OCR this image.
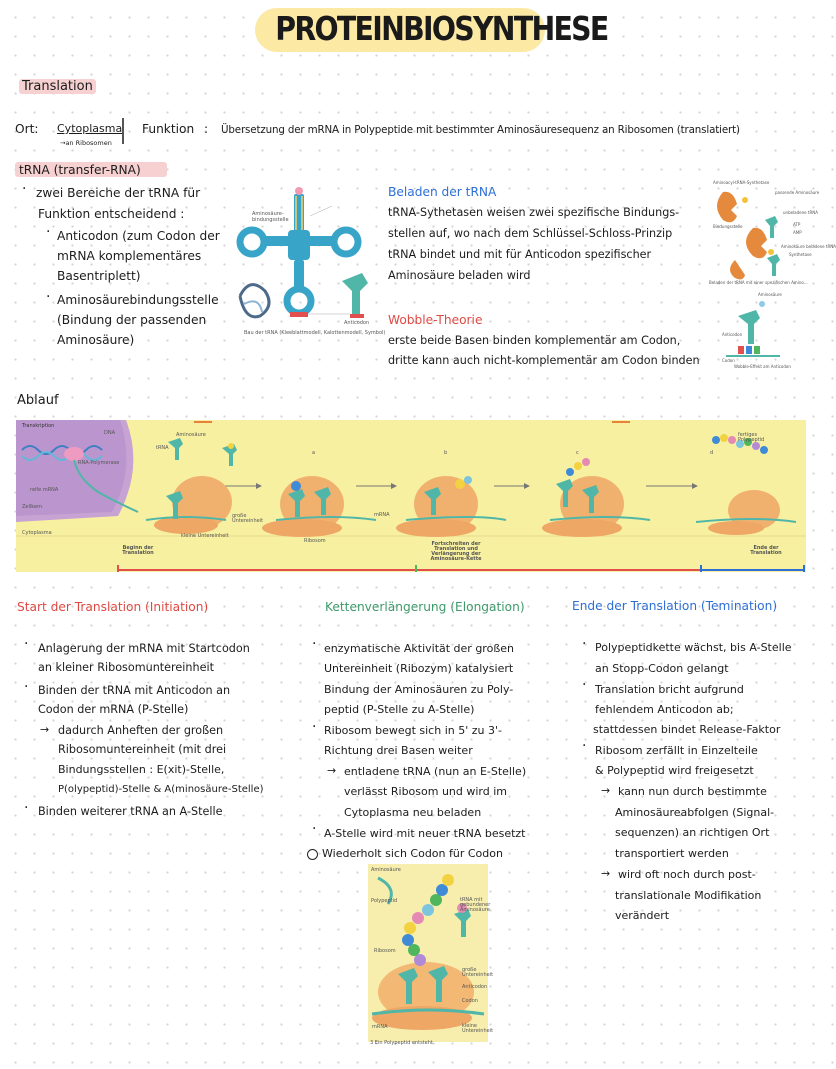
PROTEINBIOSYNTHESE
Translation
Ort: Cytoplasma
→an Ribosomen
Funktion : Übersetzung der mRNA in Polypeptide mit bestimmter Aminosäuresequenz an Ribosomen (translatiert)
tRNA (transfer-RNA)
· zwei Bereiche der tRNA für
Funktion entscheidend :
· Anticodon (zum Codon der
mRNA komplementäres
Basentriplett)
· Aminosäurebindungsstelle
(Bindung der passenden
Aminosäure)
Aminosäure-bindungsstelle
Anticodon
Bau der tRNA (Kleeblattmodell, Kalottenmodell, Symbol)
Beladen der tRNA
tRNA-Sythetasen weisen zwei spezifische Bindungs-
stellen auf, wo nach dem Schlüssel-Schloss-Prinzip
tRNA bindet und mit für Anticodon spezifischer
Aminosäure beladen wird
Aminoacyl-tRNA-Synthetase
passende Aminosäure
unbeladene tRNA
Bindungsstelle	ATP
AMP
Aminosäure beladene tRNA
Synthetase
Beladen der tRNA mit einer spezifischen Amino...
Wobble-Theorie
erste beide Basen binden komplementär am Codon,
dritte kann auch nicht-komplementär am Codon binden
Aminosäure
Anticodon
Codon
Wobble-Effekt am Anticodon
Ablauf
Transkription
DNA
RNA-Polymerase
reife mRNA
Zellkern
Cytoplasma
Aminosäure
tRNA
große Untereinheit
kleine Untereinheit
Ribosom
mRNA
fertiges Polypeptid
a	b	c	d
Beginn der Translation
Fortschreiten der Translation und Verlängerung der Aminosäure-Kette
Ende der Translation
Start der Translation (Initiation)
· Anlagerung der mRNA mit Startcodon
an kleiner Ribosomuntereinheit
· Binden der tRNA mit Anticodon an
Codon der mRNA (P-Stelle)
→ dadurch Anheften der großen
Ribosomuntereinheit (mit drei
Bindungsstellen : E(xit)-Stelle,
P(olypeptid)-Stelle & A(minosäure-Stelle)
· Binden weiterer tRNA an A-Stelle
Kettenverlängerung (Elongation)
· enzymatische Aktivität der großen
Untereinheit (Ribozym) katalysiert
Bindung der Aminosäuren zu Poly-
peptid (P-Stelle zu A-Stelle)
· Ribosom bewegt sich in 5' zu 3'-
Richtung drei Basen weiter
→ entladene tRNA (nun an E-Stelle)
verlässt Ribosom und wird im
Cytoplasma neu beladen
· A-Stelle wird mit neuer tRNA besetzt
Wiederholt sich Codon für Codon
Aminosäure
Polypeptid	tRNA mit gebundener Aminosäure
Ribosom
große Untereinheit
Anticodon
Codon
mRNA	kleine Untereinheit
3 Ein Polypeptid entsteht
Ende der Translation (Temination)
· Polypeptidkette wächst, bis A-Stelle
an Stopp-Codon gelangt
· Translation bricht aufgrund
fehlendem Anticodon ab;
stattdessen bindet Release-Faktor
· Ribosom zerfällt in Einzelteile
& Polypeptid wird freigesetzt
→ kann nun durch bestimmte
Aminosäureabfolgen (Signal-
sequenzen) an richtigen Ort
transportiert werden
→ wird oft noch durch post-
translationale Modifikation
verändert
